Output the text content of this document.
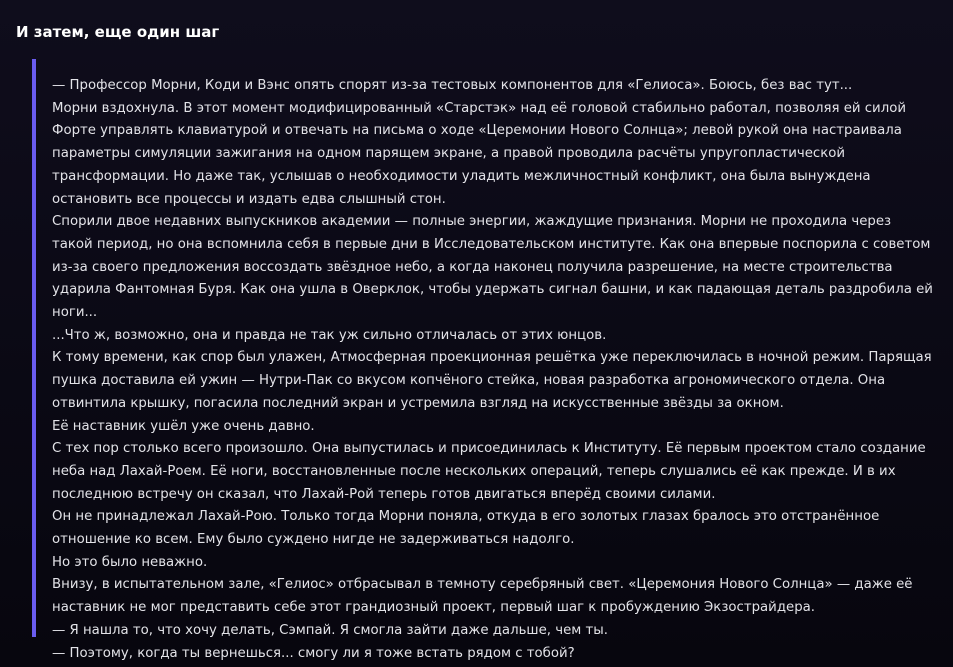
И затем, еще один шаг

— Профессор Морни, Коди и Вэнс опять спорят из-за тестовых компонентов для «Гелиоса». Боюсь, без вас тут...

Морни вздохнула. В этот момент модифицированный «Старстэк» над её головой стабильно работал, позволяя ей силой Форте управлять клавиатурой и отвечать на письма о ходе «Церемонии Нового Солнца»; левой рукой она настраивала параметры симуляции зажигания на одном парящем экране, а правой проводила расчёты упругопластической трансформации. Но даже так, услышав о необходимости уладить межличностный конфликт, она была вынуждена остановить все процессы и издать едва слышный стон.

Спорили двое недавних выпускников академии — полные энергии, жаждущие признания. Морни не проходила через такой период, но она вспомнила себя в первые дни в Исследовательском институте. Как она впервые поспорила с советом из-за своего предложения воссоздать звёздное небо, а когда наконец получила разрешение, на месте строительства ударила Фантомная Буря. Как она ушла в Оверклок, чтобы удержать сигнал башни, и как падающая деталь раздробила ей ноги...

...Что ж, возможно, она и правда не так уж сильно отличалась от этих юнцов.

К тому времени, как спор был улажен, Атмосферная проекционная решётка уже переключилась в ночной режим. Парящая пушка доставила ей ужин — Нутри-Пак со вкусом копчёного стейка, новая разработка агрономического отдела. Она отвинтила крышку, погасила последний экран и устремила взгляд на искусственные звёзды за окном.

Её наставник ушёл уже очень давно.

С тех пор столько всего произошло. Она выпустилась и присоединилась к Институту. Её первым проектом стало создание неба над Лахай-Роем. Её ноги, восстановленные после нескольких операций, теперь слушались её как прежде. И в их последнюю встречу он сказал, что Лахай-Рой теперь готов двигаться вперёд своими силами.

Он не принадлежал Лахай-Рою. Только тогда Морни поняла, откуда в его золотых глазах бралось это отстранённое отношение ко всем. Ему было суждено нигде не задерживаться надолго.

Но это было неважно.

Внизу, в испытательном зале, «Гелиос» отбрасывал в темноту серебряный свет. «Церемония Нового Солнца» — даже её наставник не мог представить себе этот грандиозный проект, первый шаг к пробуждению Экзострайдера.

— Я нашла то, что хочу делать, Сэмпай. Я смогла зайти даже дальше, чем ты.

— Поэтому, когда ты вернешься... смогу ли я тоже встать рядом с тобой?
